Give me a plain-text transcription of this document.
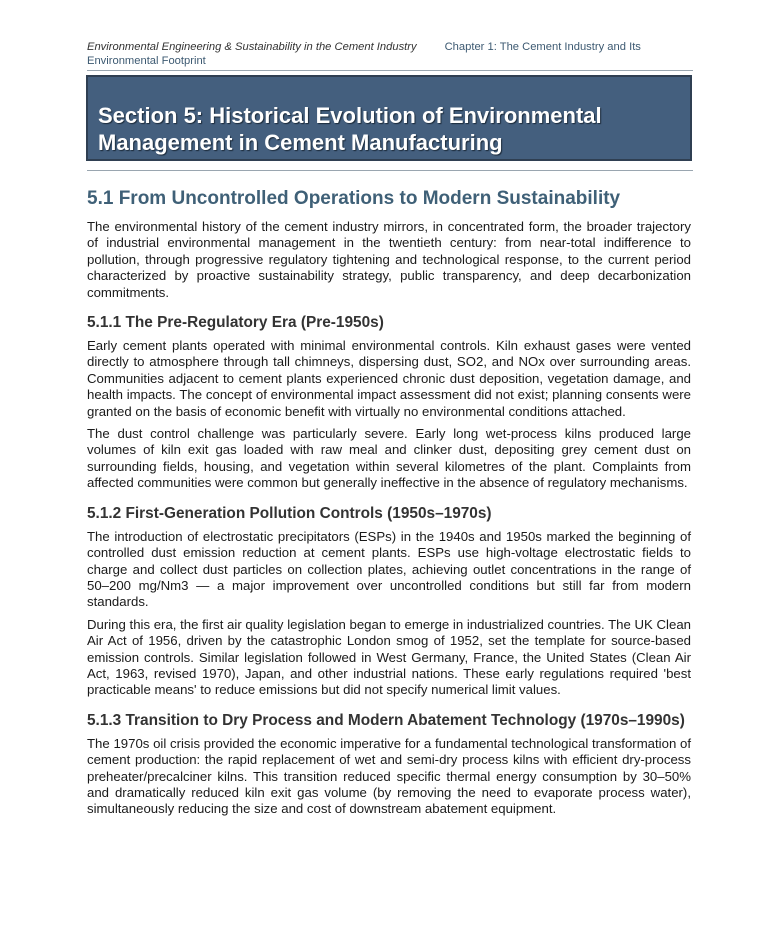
Environmental Engineering & Sustainability in the Cement Industry	Chapter 1: The Cement Industry and Its
Environmental Footprint
Section 5: Historical Evolution of Environmental Management in Cement Manufacturing
5.1 From Uncontrolled Operations to Modern Sustainability

The environmental history of the cement industry mirrors, in concentrated form, the broader trajectory of industrial environmental management in the twentieth century: from near-total indifference to pollution, through progressive regulatory tightening and technological response, to the current period characterized by proactive sustainability strategy, public transparency, and deep decarbonization commitments.

5.1.1 The Pre-Regulatory Era (Pre-1950s)

Early cement plants operated with minimal environmental controls. Kiln exhaust gases were vented directly to atmosphere through tall chimneys, dispersing dust, SO2, and NOx over surrounding areas. Communities adjacent to cement plants experienced chronic dust deposition, vegetation damage, and health impacts. The concept of environmental impact assessment did not exist; planning consents were granted on the basis of economic benefit with virtually no environmental conditions attached.

The dust control challenge was particularly severe. Early long wet-process kilns produced large volumes of kiln exit gas loaded with raw meal and clinker dust, depositing grey cement dust on surrounding fields, housing, and vegetation within several kilometres of the plant. Complaints from affected communities were common but generally ineffective in the absence of regulatory mechanisms.

5.1.2 First-Generation Pollution Controls (1950s–1970s)

The introduction of electrostatic precipitators (ESPs) in the 1940s and 1950s marked the beginning of controlled dust emission reduction at cement plants. ESPs use high-voltage electrostatic fields to charge and collect dust particles on collection plates, achieving outlet concentrations in the range of 50–200 mg/Nm3 — a major improvement over uncontrolled conditions but still far from modern standards.

During this era, the first air quality legislation began to emerge in industrialized countries. The UK Clean Air Act of 1956, driven by the catastrophic London smog of 1952, set the template for source-based emission controls. Similar legislation followed in West Germany, France, the United States (Clean Air Act, 1963, revised 1970), Japan, and other industrial nations. These early regulations required 'best practicable means' to reduce emissions but did not specify numerical limit values.

5.1.3 Transition to Dry Process and Modern Abatement Technology (1970s–1990s)

The 1970s oil crisis provided the economic imperative for a fundamental technological transformation of cement production: the rapid replacement of wet and semi-dry process kilns with efficient dry-process preheater/precalciner kilns. This transition reduced specific thermal energy consumption by 30–50% and dramatically reduced kiln exit gas volume (by removing the need to evaporate process water), simultaneously reducing the size and cost of downstream abatement equipment.
